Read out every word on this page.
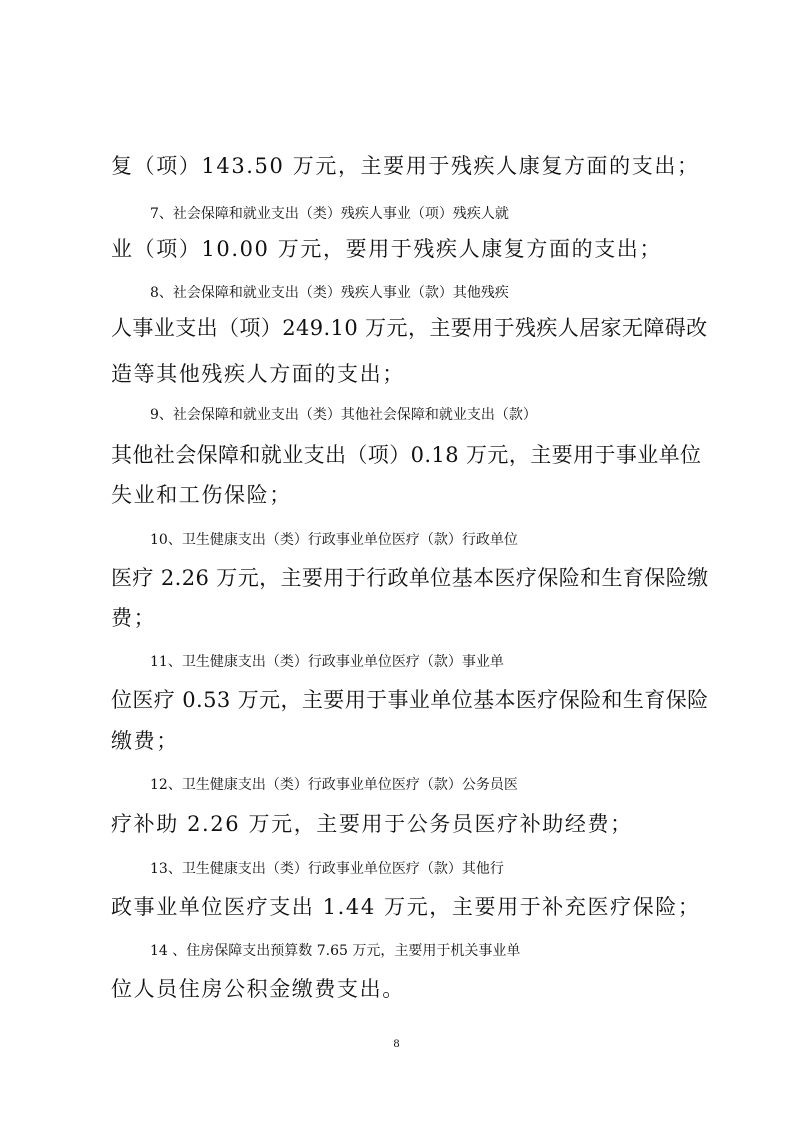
复（项）143.50 万元，主要用于残疾人康复方面的支出；
7、社会保障和就业支出（类）残疾人事业（项）残疾人就
业（项）10.00 万元，要用于残疾人康复方面的支出；
8、社会保障和就业支出（类）残疾人事业（款）其他残疾
人事业支出（项）249.10 万元，主要用于残疾人居家无障碍改
造等其他残疾人方面的支出；
9、社会保障和就业支出（类）其他社会保障和就业支出（款）
其他社会保障和就业支出（项）0.18 万元，主要用于事业单位
失业和工伤保险；
10、卫生健康支出（类）行政事业单位医疗（款）行政单位
医疗 2.26 万元，主要用于行政单位基本医疗保险和生育保险缴
费；
11、卫生健康支出（类）行政事业单位医疗（款）事业单
位医疗 0.53 万元，主要用于事业单位基本医疗保险和生育保险
缴费；
12、卫生健康支出（类）行政事业单位医疗（款）公务员医
疗补助 2.26 万元，主要用于公务员医疗补助经费；
13、卫生健康支出（类）行政事业单位医疗（款）其他行
政事业单位医疗支出 1.44 万元，主要用于补充医疗保险；
14 、住房保障支出预算数 7.65 万元，主要用于机关事业单
位人员住房公积金缴费支出。
8
